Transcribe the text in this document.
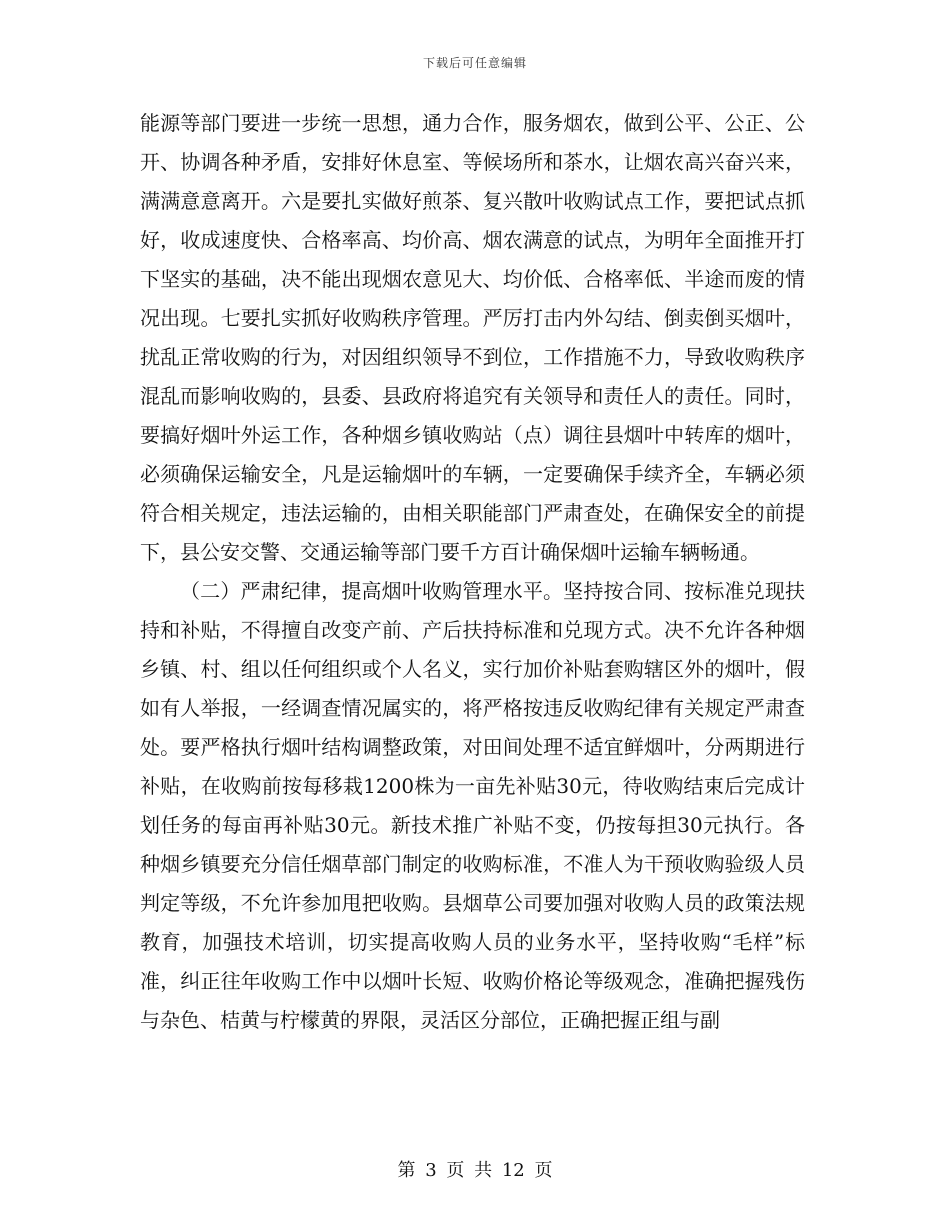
下载后可任意编辑

能源等部门要进一步统一思想，通力合作，服务烟农，做到公平、公正、公开、协调各种矛盾，安排好休息室、等候场所和茶水，让烟农高兴奋兴来，满满意意离开。六是要扎实做好煎茶、复兴散叶收购试点工作，要把试点抓好，收成速度快、合格率高、均价高、烟农满意的试点，为明年全面推开打下坚实的基础，决不能出现烟农意见大、均价低、合格率低、半途而废的情况出现。七要扎实抓好收购秩序管理。严厉打击内外勾结、倒卖倒买烟叶，扰乱正常收购的行为，对因组织领导不到位，工作措施不力，导致收购秩序混乱而影响收购的，县委、县政府将追究有关领导和责任人的责任。同时，要搞好烟叶外运工作，各种烟乡镇收购站（点）调往县烟叶中转库的烟叶，必须确保运输安全，凡是运输烟叶的车辆，一定要确保手续齐全，车辆必须符合相关规定，违法运输的，由相关职能部门严肃查处，在确保安全的前提下，县公安交警、交通运输等部门要千方百计确保烟叶运输车辆畅通。

（二）严肃纪律，提高烟叶收购管理水平。坚持按合同、按标准兑现扶持和补贴，不得擅自改变产前、产后扶持标准和兑现方式。决不允许各种烟乡镇、村、组以任何组织或个人名义，实行加价补贴套购辖区外的烟叶，假如有人举报，一经调查情况属实的，将严格按违反收购纪律有关规定严肃查处。要严格执行烟叶结构调整政策，对田间处理不适宜鲜烟叶，分两期进行补贴，在收购前按每移栽1200株为一亩先补贴30元，待收购结束后完成计划任务的每亩再补贴30元。新技术推广补贴不变，仍按每担30元执行。各种烟乡镇要充分信任烟草部门制定的收购标准，不准人为干预收购验级人员判定等级，不允许参加甩把收购。县烟草公司要加强对收购人员的政策法规教育，加强技术培训，切实提高收购人员的业务水平，坚持收购“毛样”标准，纠正往年收购工作中以烟叶长短、收购价格论等级观念，准确把握残伤与杂色、桔黄与柠檬黄的界限，灵活区分部位，正确把握正组与副

第 3 页 共 12 页
